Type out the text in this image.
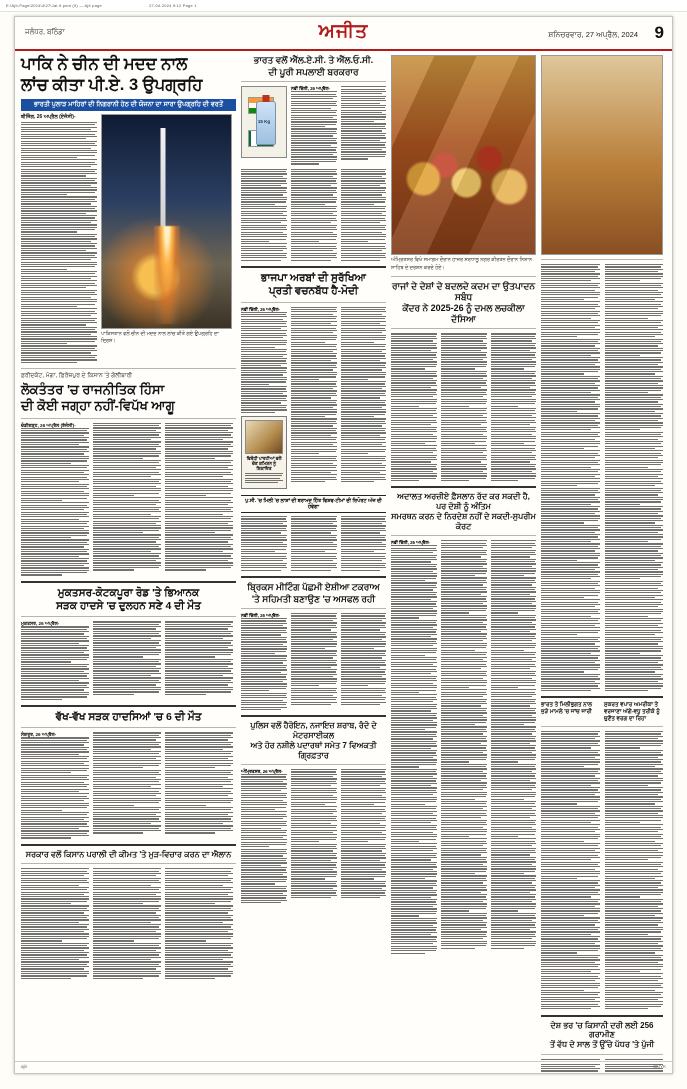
E:\Ajit-Page\2024\4\27\Jal-9.pmd (9) — Ajit page	27-04-2024 9:12 Page 1
ਜਲੰਧਰ, ਬਠਿੰਡਾ	ਅਜੀਤ	ਸ਼ਨਿਚਰਵਾਰ, 27 ਅਪ੍ਰੈਲ, 2024 9
ਪਾਕਿ ਨੇ ਚੀਨ ਦੀ ਮਦਦ ਨਾਲ
ਲਾਂਚ ਕੀਤਾ ਪੀ.ਏ. 3 ਉਪਗ੍ਰਹਿ
ਭਾਰਤੀ ਪੁਲਾੜ ਮਾਹਿਰਾਂ ਦੀ ਨਿਗਰਾਨੀ ਹੇਠ ਦੀ ਯੋਜਨਾ ਦਾ ਸਾਰਾ ਉਪਗ੍ਰਹਿ ਦੀ ਵਰਤੋਂ
ਬੀਜਿੰਗ, 26 ਅਪ੍ਰੈਲ (ਏਜੰਸੀ)-
ਪਾਕਿਸਤਾਨ ਵਲੋਂ ਚੀਨ ਦੀ ਮਦਦ ਨਾਲ ਲਾਂਚ ਕੀਤੇ ਗਏ ਉਪਗ੍ਰਹਿ ਦਾ ਦ੍ਰਿਸ਼।
ਫ਼ਰੀਦਕੋਟ, ਮੋਗਾ, ਫ਼ਿਰੋਜ਼ਪੁਰ ਦੇ ਕਿਸਾਨ 'ਤੇ ਗੋਲੀਬਾਰੀ
ਲੋਕਤੰਤਰ 'ਚ ਰਾਜਨੀਤਿਕ ਹਿੰਸਾ
ਦੀ ਕੋਈ ਜਗ੍ਹਾ ਨਹੀਂ-ਵਿਪੱਖ ਆਗੂ
ਚੰਡੀਗੜ੍ਹ, 26 ਅਪ੍ਰੈਲ (ਏਜੰਸੀ)-
ਮੁਕਤਸਰ-ਕੋਟਕਪੂਰਾ ਰੋਡ 'ਤੇ ਭਿਆਨਕ
ਸੜਕ ਹਾਦਸੇ 'ਚ ਦੁਲਹਨ ਸਣੇ 4 ਦੀ ਮੌਤ
ਮੁਕਤਸਰ, 26 ਅਪ੍ਰੈਲ-
ਵੱਖ-ਵੱਖ ਸੜਕ ਹਾਦਸਿਆਂ 'ਚ 6 ਦੀ ਮੌਤ
ਸੰਗਰੂਰ, 26 ਅਪ੍ਰੈਲ-
ਸਰਕਾਰ ਵਲੋਂ ਕਿਸਾਨ ਪਰਾਲੀ ਦੀ ਕੀਮਤ 'ਤੇ ਮੁੜ-ਵਿਚਾਰ ਕਰਨ ਦਾ ਐਲਾਨ
ਭਾਰਤ ਵਲੋਂ ਐੱਲ.ਏ.ਸੀ. ਤੇ ਐੱਲ.ਓ.ਸੀ.
ਦੀ ਪੂਰੀ ਸਪਲਾਈ ਬਰਕਰਾਰ
15 Kg
ਨਵੀਂ ਦਿੱਲੀ, 26 ਅਪ੍ਰੈਲ-
ਭਾਜਪਾ ਅਰਬਾਂ ਦੀ ਸੁਰੱਖਿਆ
ਪ੍ਰਤੀ ਵਚਨਬੱਧ ਹੈ-ਮੋਦੀ
ਨਵੀਂ ਦਿੱਲੀ, 26 ਅਪ੍ਰੈਲ-
ਵਿਰੋਧੀ ਪਾਰਟੀਆਂ ਵਲੋਂ ਚੋਣ ਕਮਿਸ਼ਨ ਨੂੰ ਸ਼ਿਕਾਇਤ
ਪੁ.ਸੀ. 'ਚ ਮਿਲੀ 'ਚ ਲਾਸ਼ਾਂ ਦੀ ਬਰਾਮਦ ਹਿੱਤ ਵਿਸ਼ਵ-ਟੀਮਾਂ ਦੀ ਰਿਪੋਰਟ ਅੱਜ ਦੀ ਹੋਵੇਗਾ
ਬ੍ਰਿਕਸ ਮੀਟਿੰਗ ਪੱਛਮੀ ਏਸ਼ੀਆ ਟਕਰਾਅ
'ਤੇ ਸਹਿਮਤੀ ਬਣਾਉਣ 'ਚ ਅਸਫਲ ਰਹੀ
ਨਵੀਂ ਦਿੱਲੀ, 26 ਅਪ੍ਰੈਲ-
ਪੁਲਿਸ ਵਲੋਂ ਹੈਰੋਇਨ, ਨਜਾਇਜ਼ ਸ਼ਰਾਬ, ਰੰਦੋ ਦੇ ਮੋਟਰਸਾਈਕਲ
ਅਤੇ ਹੋਰ ਨਸ਼ੀਲੇ ਪਦਾਰਥਾਂ ਸਮੇਤ 7 ਵਿਅਕਤੀ ਗ੍ਰਿਫ਼ਤਾਰ
ਅੰਮ੍ਰਿਤਸਰ, 26 ਅਪ੍ਰੈਲ-
ਅੰਮ੍ਰਿਤਸਰ ਵਿਖੇ ਸਮਾਗਮ ਦੌਰਾਨ ਹਾਜ਼ਰ ਸ਼ਰਧਾਲੂ ਨਗਰ ਕੀਰਤਨ ਦੌਰਾਨ ਨਿਸ਼ਾਨ ਸਾਹਿਬ ਦੇ ਦਰਸ਼ਨ ਕਰਦੇ ਹੋਏ।
ਰਾਜਾਂ ਦੇ ਦੇਸ਼ਾਂ ਦੇ ਬਦਲਦੇ ਕਦਮ ਦਾ ਉਤਪਾਦਨ ਸਬੰਧ
ਕੇਂਦਰ ਨੇ 2025-26 ਨੂੰ ਦਮਲ ਲਚਕੀਲਾ ਦੱਸਿਆ
ਅਦਾਲਤ ਅਰਜ਼ੀਏ ਫ਼ੈਸਲਾਨ ਰੱਦ ਕਰ ਸਕਦੀ ਹੈ, ਪਰ ਦੋਸ਼ੀ ਨੂੰ ਅੰਤਿਮ
ਸਮਰਥਨ ਕਰਨ ਦੇ ਨਿਰਦੇਸ਼ ਨਹੀਂ ਦੇ ਸਕਦੀ-ਸੁਪਰੀਮ ਕੋਰਟ
ਨਵੀਂ ਦਿੱਲੀ, 26 ਅਪ੍ਰੈਲ-
ਭਾਰਤ ਤੇ ਮਿਲੀਭੁਗਤ ਨਾਲ ਜੁੜੇ ਮਾਮਲੇ 'ਚ ਜਾਂਚ ਜਾਰੀ
ਸੁਕਰਤ ਵਪਾਰ ਅਮਰੀਕਾ ਤੇ ਵਰਜਾਣਾ ਅੱਗੇ-ਵਧੂ ਤਰੀਕੇ ਨੂੰ ਚੁਣੌਤ ਵਰਗ ਦਾ ਰਿਹਾ
ਦੇਸ਼ ਭਰ 'ਚ ਕਿਸਾਨੀ ਦਰੀ ਲਈ 256 ਗਰਾਮੀਣ
ਤੋਂ ਵੱਧ ਦੇ ਸਾਲ ਤੋਂ ਉੱਚੇ ਪੱਧਰ 'ਤੇ ਪੁੱਜੀ
ajit	CMYK
